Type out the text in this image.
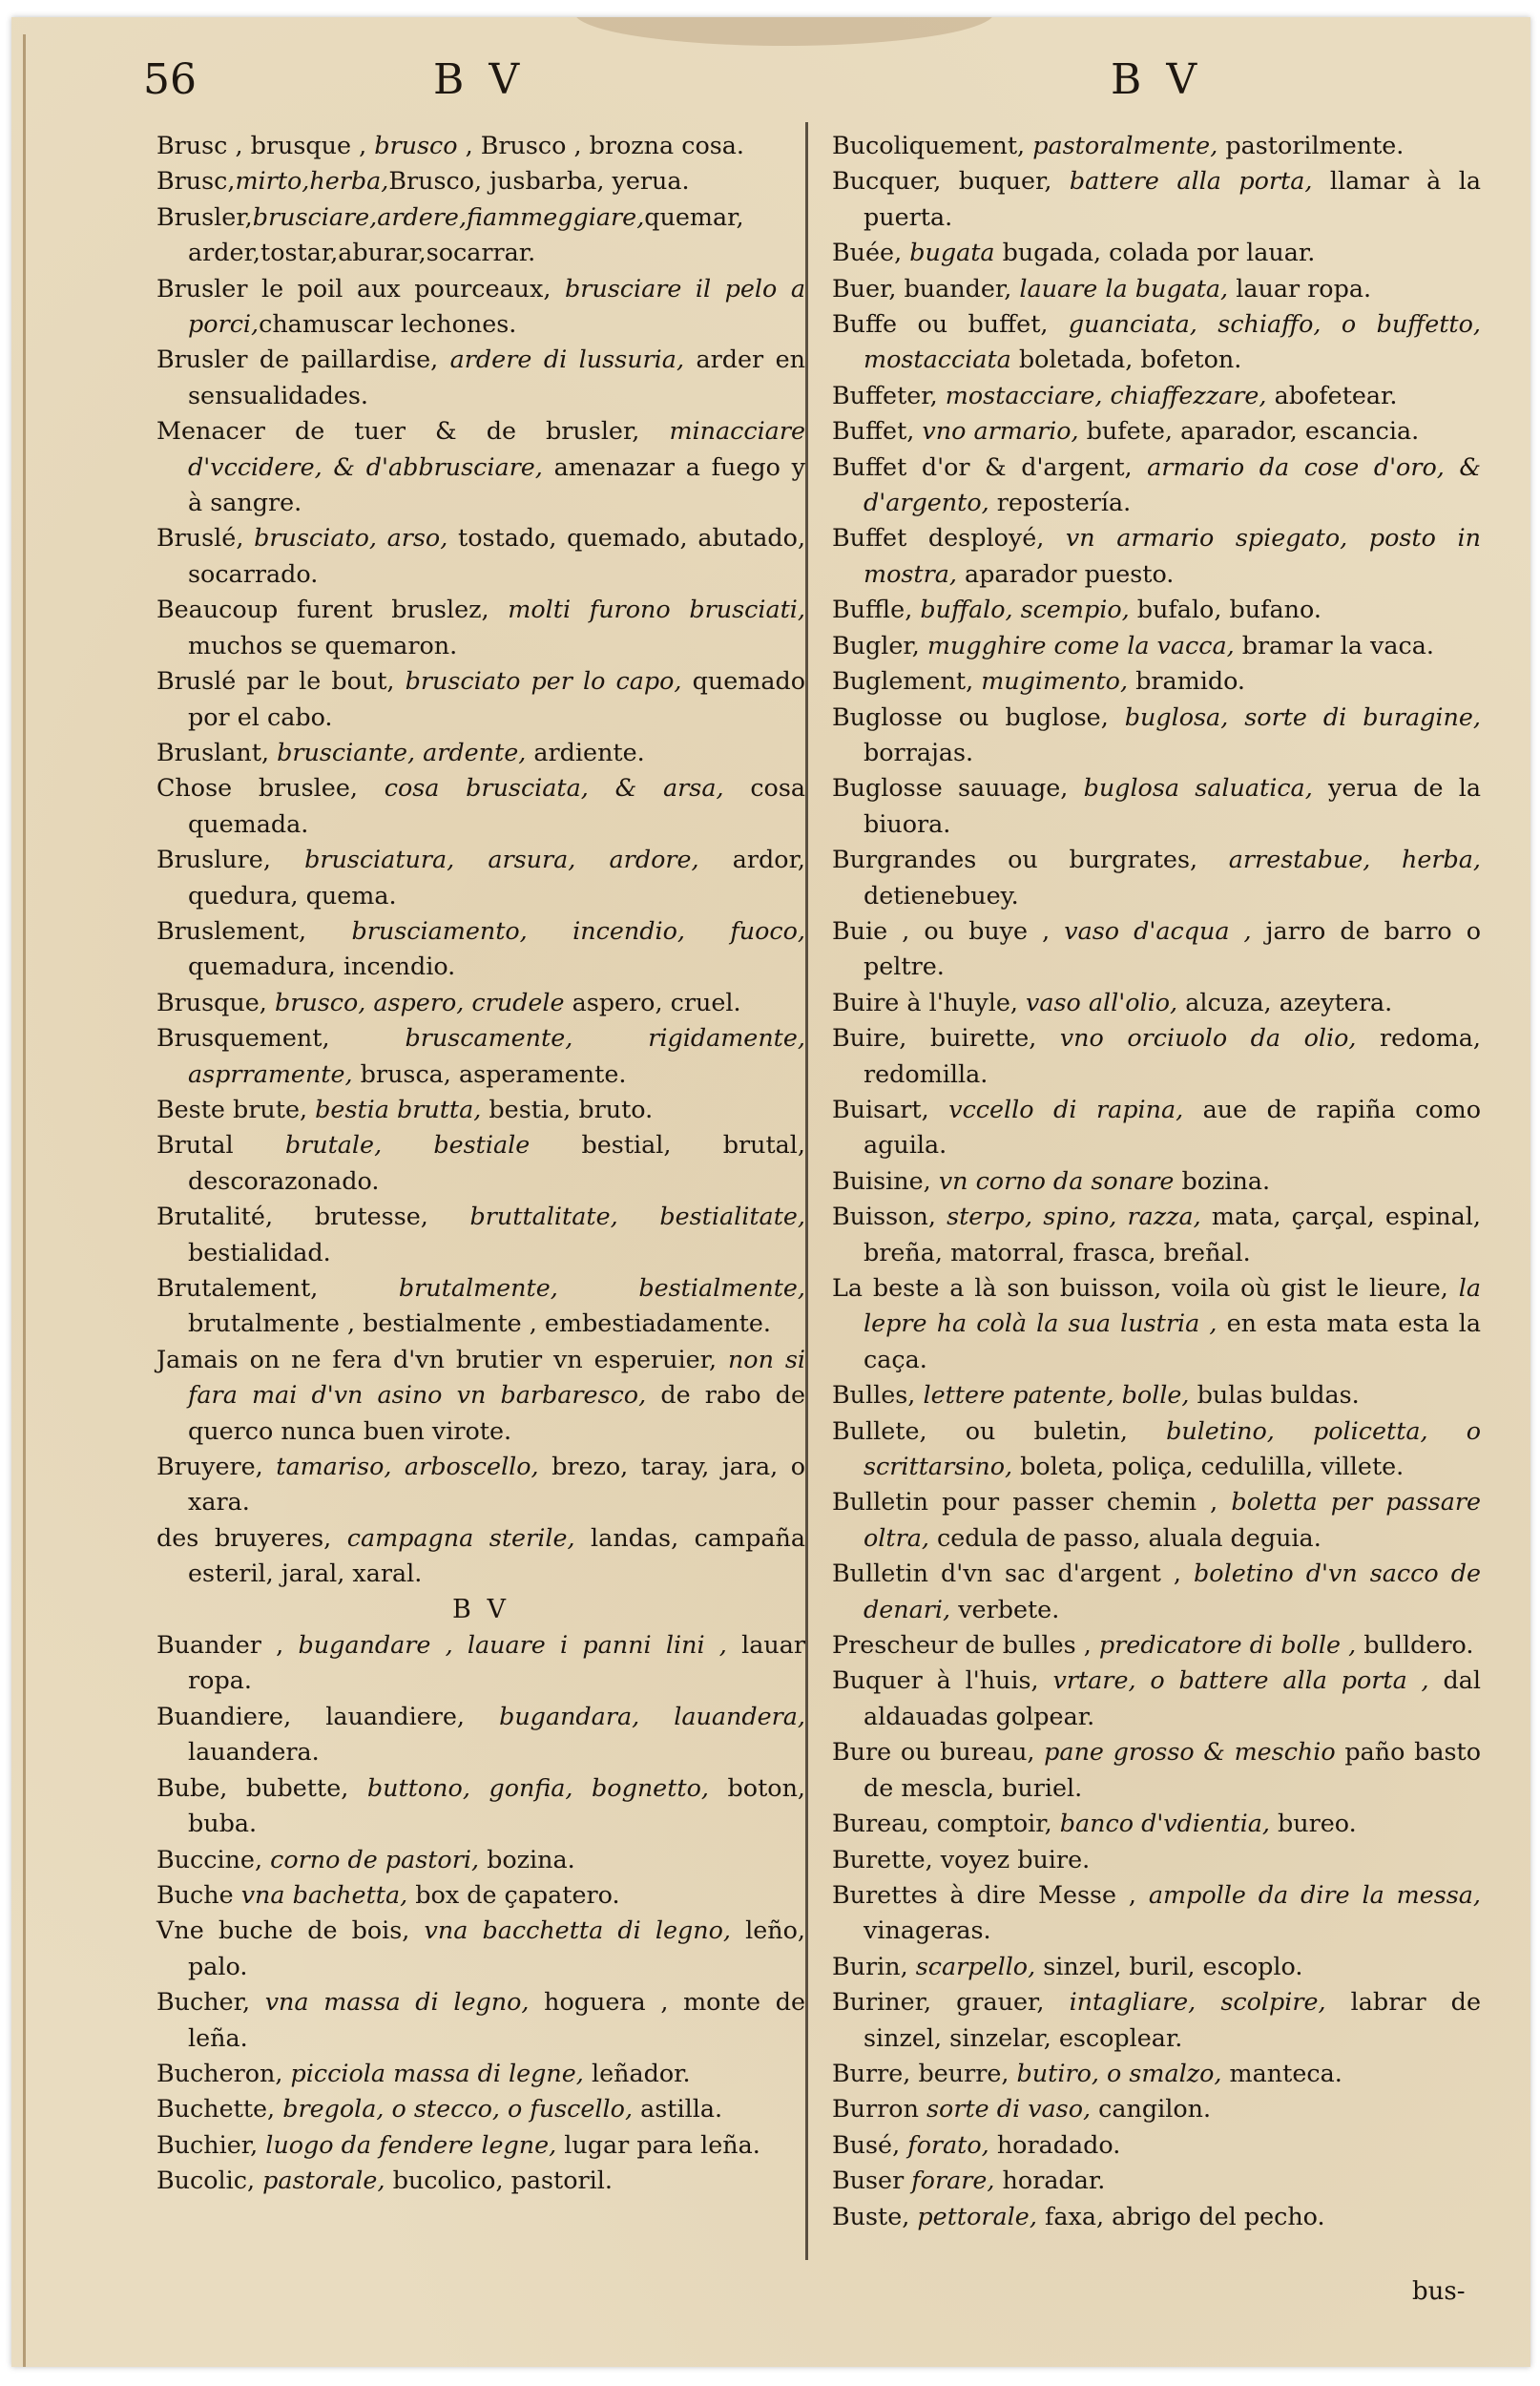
56	B V	B V

Brusc , brusque , brusco , Brusco , brozna cosa.

Brusc,mirto,herba,Brusco, jusbarba, yerua.

Brusler,brusciare,ardere,fiammeggiare,quemar, arder,tostar,aburar,socarrar.

Brusler le poil aux pourceaux, brusciare il pelo a porci,chamuscar lechones.

Brusler de paillardise, ardere di lussuria, arder en sensualidades.

Menacer de tuer & de brusler, minacciare d'vccidere, & d'abbrusciare, amenazar a fuego y à sangre.

Bruslé, brusciato, arso, tostado, quemado, abutado, socarrado.

Beaucoup furent bruslez, molti furono brusciati, muchos se quemaron.

Bruslé par le bout, brusciato per lo capo, quemado por el cabo.

Bruslant, brusciante, ardente, ardiente.

Chose bruslee, cosa brusciata, & arsa, cosa quemada.

Bruslure, brusciatura, arsura, ardore, ardor, quedura, quema.

Bruslement, brusciamento, incendio, fuoco, quemadura, incendio.

Brusque, brusco, aspero, crudele aspero, cruel.

Brusquement, bruscamente, rigidamente, asprramente, brusca, asperamente.

Beste brute, bestia brutta, bestia, bruto.

Brutal brutale, bestiale bestial, brutal, descorazonado.

Brutalité, brutesse, bruttalitate, bestialitate, bestialidad.

Brutalement, brutalmente, bestialmente, brutalmente , bestialmente , embestiadamente.

Jamais on ne fera d'vn brutier vn esperuier, non si fara mai d'vn asino vn barbaresco, de rabo de querco nunca buen virote.

Bruyere, tamariso, arboscello, brezo, taray, jara, o xara.

des bruyeres, campagna sterile, landas, campaña esteril, jaral, xaral.

B V

Buander , bugandare , lauare i panni lini , lauar ropa.

Buandiere, lauandiere, bugandara, lauandera, lauandera.

Bube, bubette, buttono, gonfia, bognetto, boton, buba.

Buccine, corno de pastori, bozina.

Buche vna bachetta, box de çapatero.

Vne buche de bois, vna bacchetta di legno, leño, palo.

Bucher, vna massa di legno, hoguera , monte de leña.

Bucheron, picciola massa di legne, leñador.

Buchette, bregola, o stecco, o fuscello, astilla.

Buchier, luogo da fendere legne, lugar para leña.

Bucolic, pastorale, bucolico, pastoril.

Bucoliquement, pastoralmente, pastorilmente.

Bucquer, buquer, battere alla porta, llamar à la puerta.

Buée, bugata bugada, colada por lauar.

Buer, buander, lauare la bugata, lauar ropa.

Buffe ou buffet, guanciata, schiaffo, o buffetto, mostacciata boletada, bofeton.

Buffeter, mostacciare, chiaffezzare, abofetear.

Buffet, vno armario, bufete, aparador, escancia.

Buffet d'or & d'argent, armario da cose d'oro, & d'argento, repostería.

Buffet desployé, vn armario spiegato, posto in mostra, aparador puesto.

Buffle, buffalo, scempio, bufalo, bufano.

Bugler, mugghire come la vacca, bramar la vaca.

Buglement, mugimento, bramido.

Buglosse ou buglose, buglosa, sorte di buragine, borrajas.

Buglosse sauuage, buglosa saluatica, yerua de la biuora.

Burgrandes ou burgrates, arrestabue, herba, detienebuey.

Buie , ou buye , vaso d'acqua , jarro de barro o peltre.

Buire à l'huyle, vaso all'olio, alcuza, azeytera.

Buire, buirette, vno orciuolo da olio, redoma, redomilla.

Buisart, vccello di rapina, aue de rapiña como aguila.

Buisine, vn corno da sonare bozina.

Buisson, sterpo, spino, razza, mata, çarçal, espinal, breña, matorral, frasca, breñal.

La beste a là son buisson, voila où gist le lieure, la lepre ha colà la sua lustria , en esta mata esta la caça.

Bulles, lettere patente, bolle, bulas buldas.

Bullete, ou buletin, buletino, policetta, o scrittarsino, boleta, poliça, cedulilla, villete.

Bulletin pour passer chemin , boletta per passare oltra, cedula de passo, aluala deguia.

Bulletin d'vn sac d'argent , boletino d'vn sacco de denari, verbete.

Prescheur de bulles , predicatore di bolle , bulldero.

Buquer à l'huis, vrtare, o battere alla porta , dal aldauadas golpear.

Bure ou bureau, pane grosso & meschio paño basto de mescla, buriel.

Bureau, comptoir, banco d'vdientia, bureo.

Burette, voyez buire.

Burettes à dire Messe , ampolle da dire la messa, vinageras.

Burin, scarpello, sinzel, buril, escoplo.

Buriner, grauer, intagliare, scolpire, labrar de sinzel, sinzelar, escoplear.

Burre, beurre, butiro, o smalzo, manteca.

Burron sorte di vaso, cangilon.

Busé, forato, horadado.

Buser forare, horadar.

Buste, pettorale, faxa, abrigo del pecho.

bus-
